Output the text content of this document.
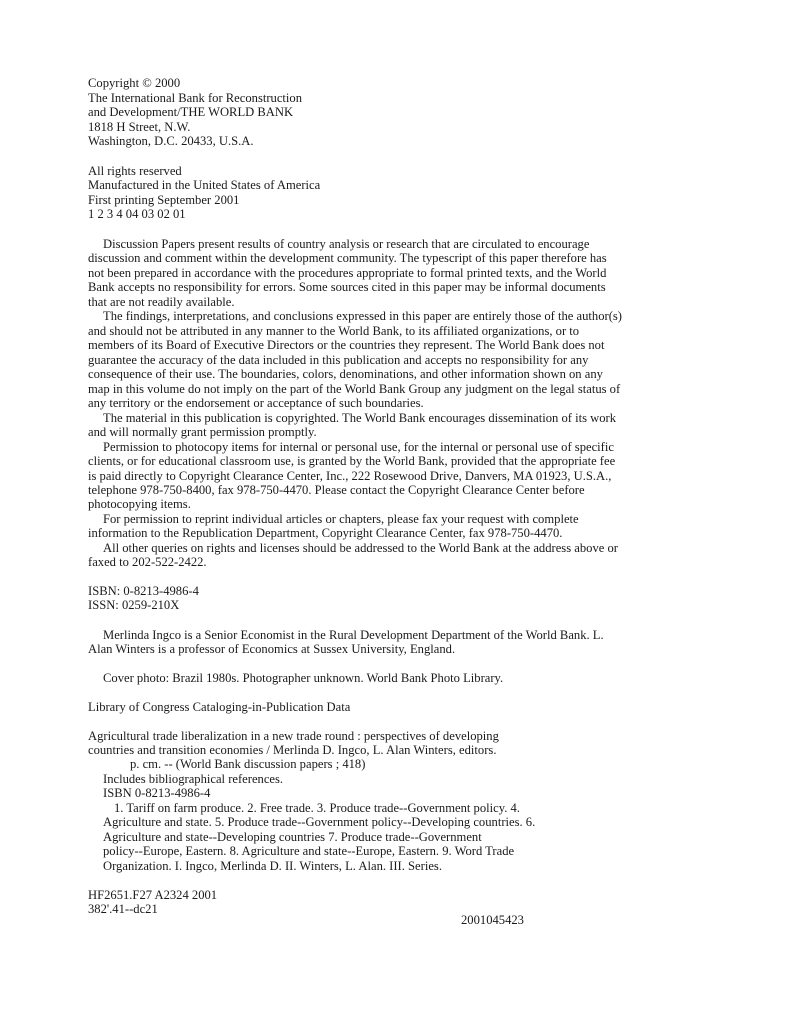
Copyright © 2000
The International Bank for Reconstruction
and Development/THE WORLD BANK
1818 H Street, N.W.
Washington, D.C. 20433, U.S.A.
All rights reserved
Manufactured in the United States of America
First printing September 2001
1 2 3 4 04 03 02 01
Discussion Papers present results of country analysis or research that are circulated to encourage
discussion and comment within the development community. The typescript of this paper therefore has
not been prepared in accordance with the procedures appropriate to formal printed texts, and the World
Bank accepts no responsibility for errors. Some sources cited in this paper may be informal documents
that are not readily available.
The findings, interpretations, and conclusions expressed in this paper are entirely those of the author(s)
and should not be attributed in any manner to the World Bank, to its affiliated organizations, or to
members of its Board of Executive Directors or the countries they represent. The World Bank does not
guarantee the accuracy of the data included in this publication and accepts no responsibility for any
consequence of their use. The boundaries, colors, denominations, and other information shown on any
map in this volume do not imply on the part of the World Bank Group any judgment on the legal status of
any territory or the endorsement or acceptance of such boundaries.
The material in this publication is copyrighted. The World Bank encourages dissemination of its work
and will normally grant permission promptly.
Permission to photocopy items for internal or personal use, for the internal or personal use of specific
clients, or for educational classroom use, is granted by the World Bank, provided that the appropriate fee
is paid directly to Copyright Clearance Center, Inc., 222 Rosewood Drive, Danvers, MA 01923, U.S.A.,
telephone 978-750-8400, fax 978-750-4470. Please contact the Copyright Clearance Center before
photocopying items.
For permission to reprint individual articles or chapters, please fax your request with complete
information to the Republication Department, Copyright Clearance Center, fax 978-750-4470.
All other queries on rights and licenses should be addressed to the World Bank at the address above or
faxed to 202-522-2422.
ISBN: 0-8213-4986-4
ISSN: 0259-210X
Merlinda Ingco is a Senior Economist in the Rural Development Department of the World Bank. L.
Alan Winters is a professor of Economics at Sussex University, England.
Cover photo: Brazil 1980s. Photographer unknown. World Bank Photo Library.
Library of Congress Cataloging-in-Publication Data
Agricultural trade liberalization in a new trade round : perspectives of developing
countries and transition economies / Merlinda D. Ingco, L. Alan Winters, editors.
p. cm. -- (World Bank discussion papers ; 418)
Includes bibliographical references.
ISBN 0-8213-4986-4
1. Tariff on farm produce. 2. Free trade. 3. Produce trade--Government policy. 4.
Agriculture and state. 5. Produce trade--Government policy--Developing countries. 6.
Agriculture and state--Developing countries 7. Produce trade--Government
policy--Europe, Eastern. 8. Agriculture and state--Europe, Eastern. 9. Word Trade
Organization. I. Ingco, Merlinda D. II. Winters, L. Alan. III. Series.
HF2651.F27 A2324 2001
382'.41--dc21
2001045423
